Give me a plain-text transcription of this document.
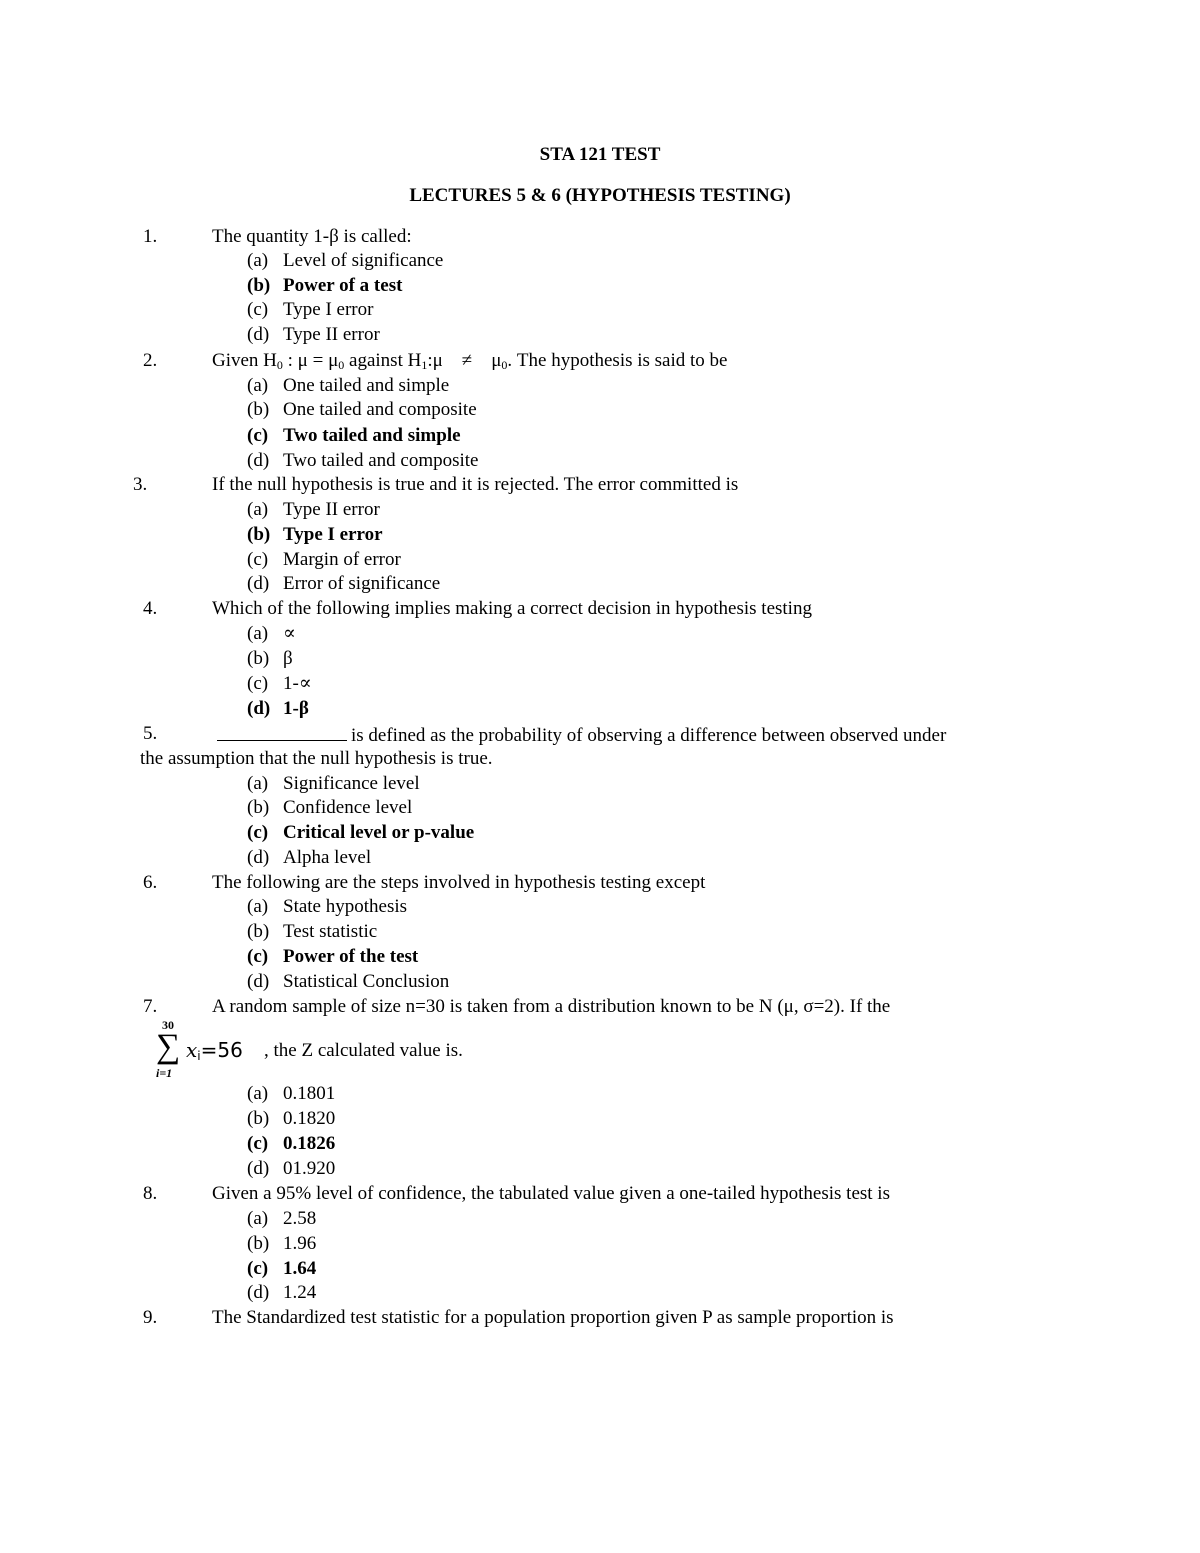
STA 121 TEST
LECTURES 5 & 6 (HYPOTHESIS TESTING)
1.	The quantity 1-β is called:
(a) Level of significance
(b) Power of a test
(c) Type I error
(d) Type II error
2.	Given $H_0$ : $\mu = \mu_0$ against $H_1:\mu$    ≠    $\mu_0$. The hypothesis is said to be
(a) One tailed and simple
(b) One tailed and composite
(c) Two tailed and simple
(d) Two tailed and composite
3.	If the null hypothesis is true and it is rejected. The error committed is
(a) Type II error
(b) Type I error
(c) Margin of error
(d) Error of significance
4.	Which of the following implies making a correct decision in hypothesis testing
(a) ∝
(b) β
(c) 1-∝
(d) 1-β
5.	is defined as the probability of observing a difference between observed under
the assumption that the null hypothesis is true.
(a) Significance level
(b) Confidence level
(c) Critical level or p-value
(d) Alpha level
6.	The following are the steps involved in hypothesis testing except
(a) State hypothesis
(b) Test statistic
(c) Power of the test
(d) Statistical Conclusion
7.	A random sample of size n=30 is taken from a distribution known to be N (μ, σ=2). If the
30
∑
i=1
$x_i=56$ , the Z calculated value is.
(a) 0.1801
(b) 0.1820
(c) 0.1826
(d) 01.920
8.	Given a 95% level of confidence, the tabulated value given a one-tailed hypothesis test is
(a) 2.58
(b) 1.96
(c) 1.64
(d) 1.24
9.	The Standardized test statistic for a population proportion given P as sample proportion is
